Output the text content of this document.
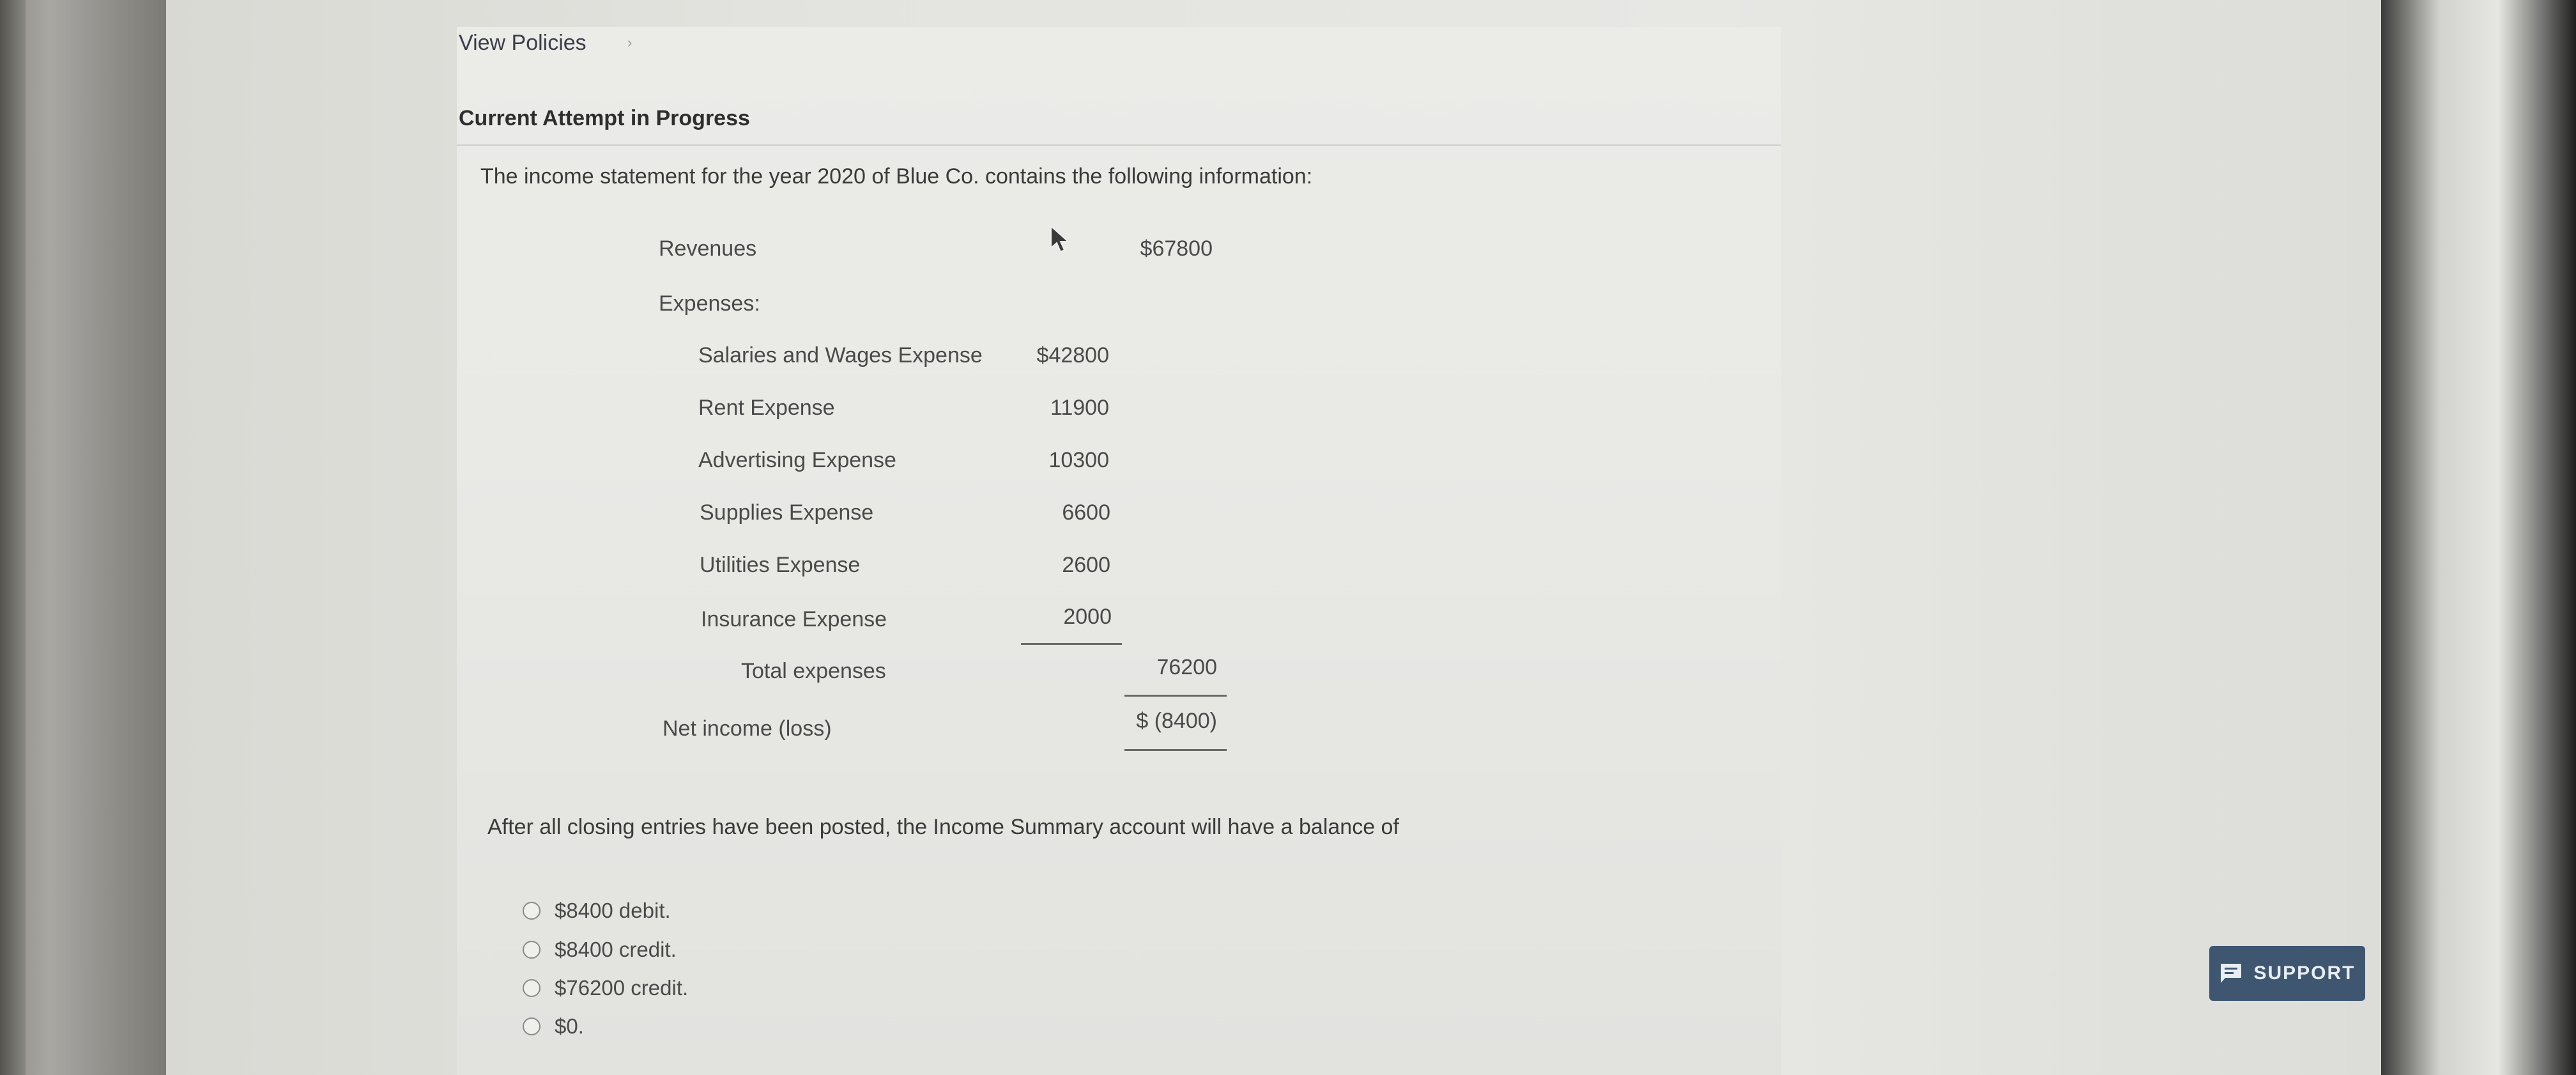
View Policies	›
Current Attempt in Progress
The income statement for the year 2020 of Blue Co. contains the following information:
Revenues	$67800
Expenses:
Salaries and Wages Expense	$42800
Rent Expense	11900
Advertising Expense	10300
Supplies Expense	6600
Utilities Expense	2600
Insurance Expense	2000
Total expenses	76200
Net income (loss)	$ (8400)
After all closing entries have been posted, the Income Summary account will have a balance of
$8400 debit.
$8400 credit.
$76200 credit.
$0.
SUPPORT
